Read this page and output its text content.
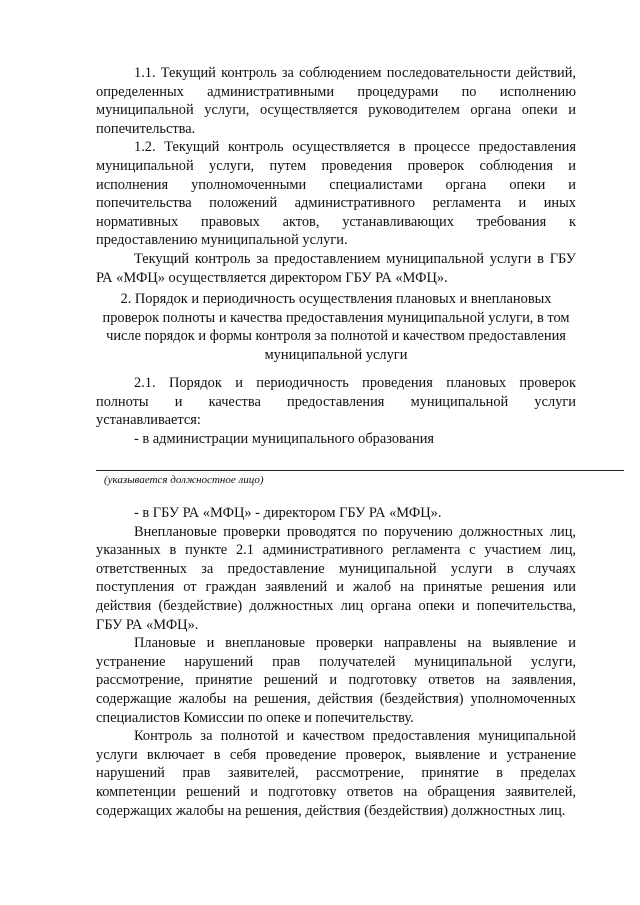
1.1. Текущий контроль за соблюдением последовательности действий, определенных административными процедурами по исполнению муниципальной услуги, осуществляется руководителем органа опеки и попечительства.

1.2. Текущий контроль осуществляется в процессе предоставления муниципальной услуги, путем проведения проверок соблюдения и исполнения уполномоченными специалистами органа опеки и попечительства положений административного регламента и иных нормативных правовых актов, устанавливающих требования к предоставлению муниципальной услуги.

Текущий контроль за предоставлением муниципальной услуги в ГБУ РА «МФЦ» осуществляется директором ГБУ РА «МФЦ».

2. Порядок и периодичность осуществления плановых и внеплановых проверок полноты и качества предоставления муниципальной услуги, в том числе порядок и формы контроля за полнотой и качеством предоставления муниципальной услуги

2.1. Порядок и периодичность проведения плановых проверок
полноты и качества предоставления муниципальной услуги
устанавливается:
- в администрации муниципального образования
(указывается должностное лицо)

- в ГБУ РА «МФЦ» - директором ГБУ РА «МФЦ».

Внеплановые проверки проводятся по поручению должностных лиц, указанных в пункте 2.1 административного регламента с участием лиц, ответственных за предоставление муниципальной услуги в случаях поступления от граждан заявлений и жалоб на принятые решения или действия (бездействие) должностных лиц органа опеки и попечительства, ГБУ РА «МФЦ».

Плановые и внеплановые проверки направлены на выявление и устранение нарушений прав получателей муниципальной услуги, рассмотрение, принятие решений и подготовку ответов на заявления, содержащие жалобы на решения, действия (бездействия) уполномоченных специалистов Комиссии по опеке и попечительству.

Контроль за полнотой и качеством предоставления муниципальной услуги включает в себя проведение проверок, выявление и устранение нарушений прав заявителей, рассмотрение, принятие в пределах компетенции решений и подготовку ответов на обращения заявителей, содержащих жалобы на решения, действия (бездействия) должностных лиц.
